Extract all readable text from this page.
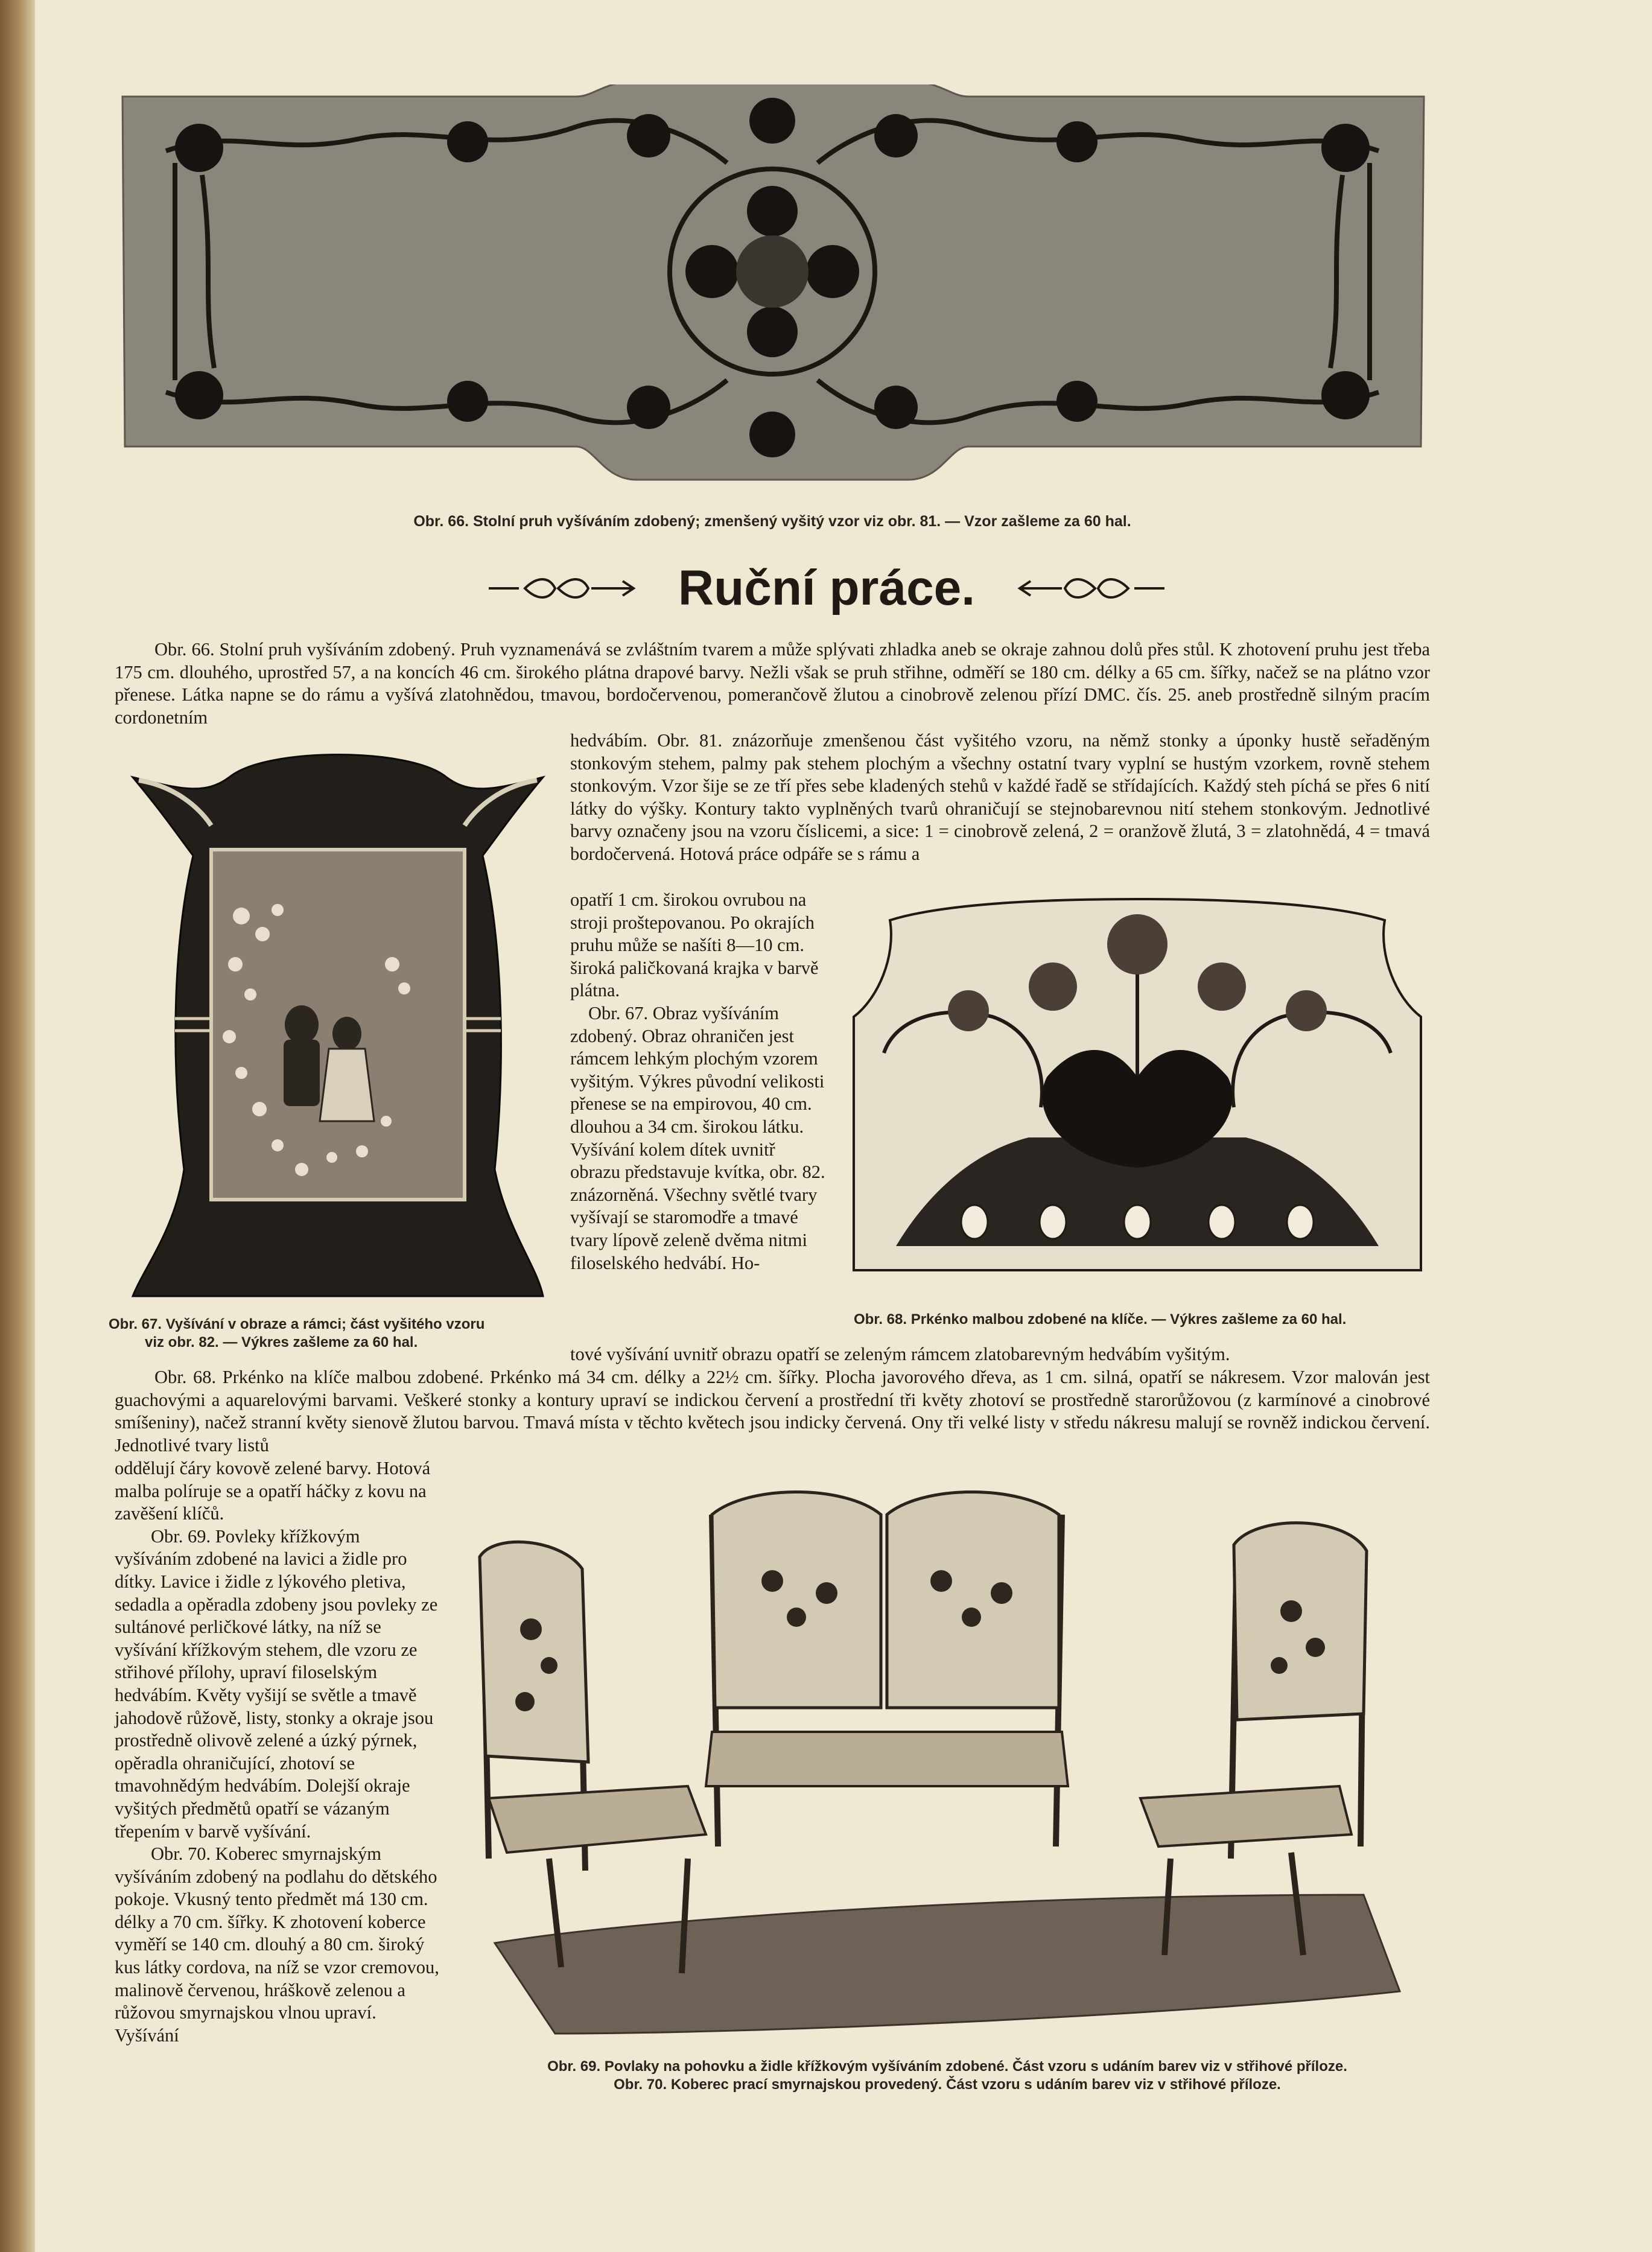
Obr. 66. Stolní pruh vyšíváním zdobený; zmenšený vyšitý vzor viz obr. 81. — Vzor zašleme za 60 hal.
Ruční práce.

Obr. 66. Stolní pruh vyšíváním zdobený. Pruh vyznamenává se zvláštním tvarem a může splývati zhladka aneb se okraje zahnou dolů přes stůl. K zhotovení pruhu jest třeba 175 cm. dlouhého, uprostřed 57, a na koncích 46 cm. širokého plátna drapové barvy. Nežli však se pruh střihne, odměří se 180 cm. délky a 65 cm. šířky, načež se na plátno vzor přenese. Látka napne se do rámu a vyšívá zlatohnědou, tmavou, bordočervenou, pomerančově žlutou a cinobrově zelenou přízí DMC. čís. 25. aneb prostředně silným pracím cordonetním

Obr. 67. Vyšívání v obraze a rámci; část vyšitého vzoru
viz obr. 82. — Výkres zašleme za 60 hal.

hedvábím. Obr. 81. znázorňuje zmenšenou část vyšitého vzoru, na němž stonky a úponky hustě seřaděným stonkovým stehem, palmy pak stehem plochým a všechny ostatní tvary vyplní se hustým vzorkem, rovně stehem stonkovým. Vzor šije se ze tří přes sebe kladených stehů v každé řadě se střídajících. Každý steh píchá se přes 6 nití látky do výšky. Kontury takto vyplněných tvarů ohraničují se stejnobarevnou nití stehem stonkovým. Jednotlivé barvy označeny jsou na vzoru číslicemi, a sice: 1 = cinobrově zelená, 2 = oranžově žlutá, 3 = zlatohnědá, 4 = tmavá bordočervená. Hotová práce odpáře se s rámu a

opatří 1 cm. širokou ovrubou na stroji proštepovanou. Po okrajích pruhu může se našíti 8—10 cm. široká paličkovaná krajka v barvě plátna.

Obr. 67. Obraz vyšíváním zdobený. Obraz ohraničen jest rámcem lehkým plochým vzorem vyšitým. Výkres původní velikosti přenese se na empirovou, 40 cm. dlouhou a 34 cm. širokou látku. Vyšívání kolem dítek uvnitř obrazu představuje kvítka, obr. 82. znázorněná. Všechny světlé tvary vyšívají se staromodře a tmavé tvary lípově zeleně dvěma nitmi filoselského hedvábí. Ho-

Obr. 68. Prkénko malbou zdobené na klíče. — Výkres zašleme za 60 hal.

tové vyšívání uvnitř obrazu opatří se zeleným rámcem zlatobarevným hedvábím vyšitým.

Obr. 68. Prkénko na klíče malbou zdobené. Prkénko má 34 cm. délky a 22½ cm. šířky. Plocha javorového dřeva, as 1 cm. silná, opatří se nákresem. Vzor malován jest guachovými a aquarelovými barvami. Veškeré stonky a kontury upraví se indickou červení a prostřední tři květy zhotoví se prostředně starorůžovou (z karmínové a cinobrové smíšeniny), načež stranní květy sienově žlutou barvou. Tmavá místa v těchto květech jsou indicky červená. Ony tři velké listy v středu nákresu malují se rovněž indickou červení. Jednotlivé tvary listů

oddělují čáry kovově zelené barvy. Hotová malba políruje se a opatří háčky z kovu na zavěšení klíčů.

Obr. 69. Povleky křížkovým vyšíváním zdobené na lavici a židle pro dítky. Lavice i židle z lýkového pletiva, sedadla a opěradla zdobeny jsou povleky ze sultánové perličkové látky, na níž se vyšívání křížkovým stehem, dle vzoru ze střihové přílohy, upraví filoselským hedvábím. Květy vyšijí se světle a tmavě jahodově růžově, listy, stonky a okraje jsou prostředně olivově zelené a úzký pýrnek, opěradla ohraničující, zhotoví se tmavohnědým hedvábím. Dolejší okraje vyšitých předmětů opatří se vázaným třepením v barvě vyšívání.

Obr. 70. Koberec smyrnajským vyšíváním zdobený na podlahu do dětského pokoje. Vkusný tento předmět má 130 cm. délky a 70 cm. šířky. K zhotovení koberce vyměří se 140 cm. dlouhý a 80 cm. široký kus látky cordova, na níž se vzor cremovou, malinově červenou, hráškově zelenou a růžovou smyrnajskou vlnou upraví. Vyšívání

Obr. 69. Povlaky na pohovku a židle křížkovým vyšíváním zdobené. Část vzoru s udáním barev viz v střihové příloze.
Obr. 70. Koberec prací smyrnajskou provedený. Část vzoru s udáním barev viz v střihové příloze.
